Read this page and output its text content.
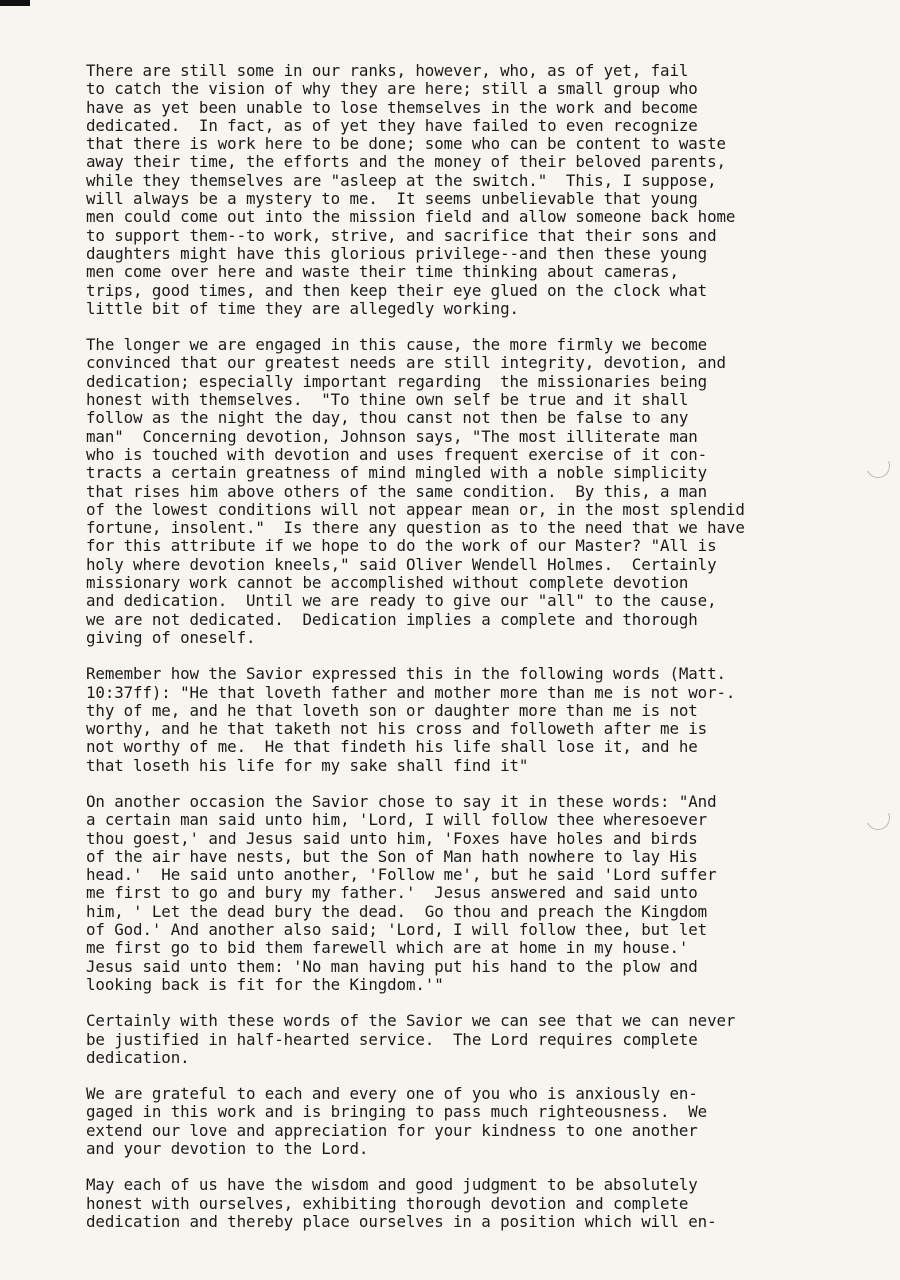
There are still some in our ranks, however, who, as of yet, fail
to catch the vision of why they are here; still a small group who
have as yet been unable to lose themselves in the work and become
dedicated.  In fact, as of yet they have failed to even recognize
that there is work here to be done; some who can be content to waste
away their time, the efforts and the money of their beloved parents,
while they themselves are "asleep at the switch."  This, I suppose,
will always be a mystery to me.  It seems unbelievable that young
men could come out into the mission field and allow someone back home
to support them--to work, strive, and sacrifice that their sons and
daughters might have this glorious privilege--and then these young
men come over here and waste their time thinking about cameras,
trips, good times, and then keep their eye glued on the clock what
little bit of time they are allegedly working.
The longer we are engaged in this cause, the more firmly we become
convinced that our greatest needs are still integrity, devotion, and
dedication; especially important regarding  the missionaries being
honest with themselves.  "To thine own self be true and it shall
follow as the night the day, thou canst not then be false to any
man"  Concerning devotion, Johnson says, "The most illiterate man
who is touched with devotion and uses frequent exercise of it con-
tracts a certain greatness of mind mingled with a noble simplicity
that rises him above others of the same condition.  By this, a man
of the lowest conditions will not appear mean or, in the most splendid
fortune, insolent."  Is there any question as to the need that we have
for this attribute if we hope to do the work of our Master? "All is
holy where devotion kneels," said Oliver Wendell Holmes.  Certainly
missionary work cannot be accomplished without complete devotion
and dedication.  Until we are ready to give our "all" to the cause,
we are not dedicated.  Dedication implies a complete and thorough
giving of oneself.
Remember how the Savior expressed this in the following words (Matt.
10:37ff): "He that loveth father and mother more than me is not wor-.
thy of me, and he that loveth son or daughter more than me is not
worthy, and he that taketh not his cross and followeth after me is
not worthy of me.  He that findeth his life shall lose it, and he
that loseth his life for my sake shall find it"
On another occasion the Savior chose to say it in these words: "And
a certain man said unto him, 'Lord, I will follow thee wheresoever
thou goest,' and Jesus said unto him, 'Foxes have holes and birds
of the air have nests, but the Son of Man hath nowhere to lay His
head.'  He said unto another, 'Follow me', but he said 'Lord suffer
me first to go and bury my father.'  Jesus answered and said unto
him, ' Let the dead bury the dead.  Go thou and preach the Kingdom
of God.' And another also said; 'Lord, I will follow thee, but let
me first go to bid them farewell which are at home in my house.'
Jesus said unto them: 'No man having put his hand to the plow and
looking back is fit for the Kingdom.'"
Certainly with these words of the Savior we can see that we can never
be justified in half-hearted service.  The Lord requires complete
dedication.
We are grateful to each and every one of you who is anxiously en-
gaged in this work and is bringing to pass much righteousness.  We
extend our love and appreciation for your kindness to one another
and your devotion to the Lord.
May each of us have the wisdom and good judgment to be absolutely
honest with ourselves, exhibiting thorough devotion and complete
dedication and thereby place ourselves in a position which will en-
